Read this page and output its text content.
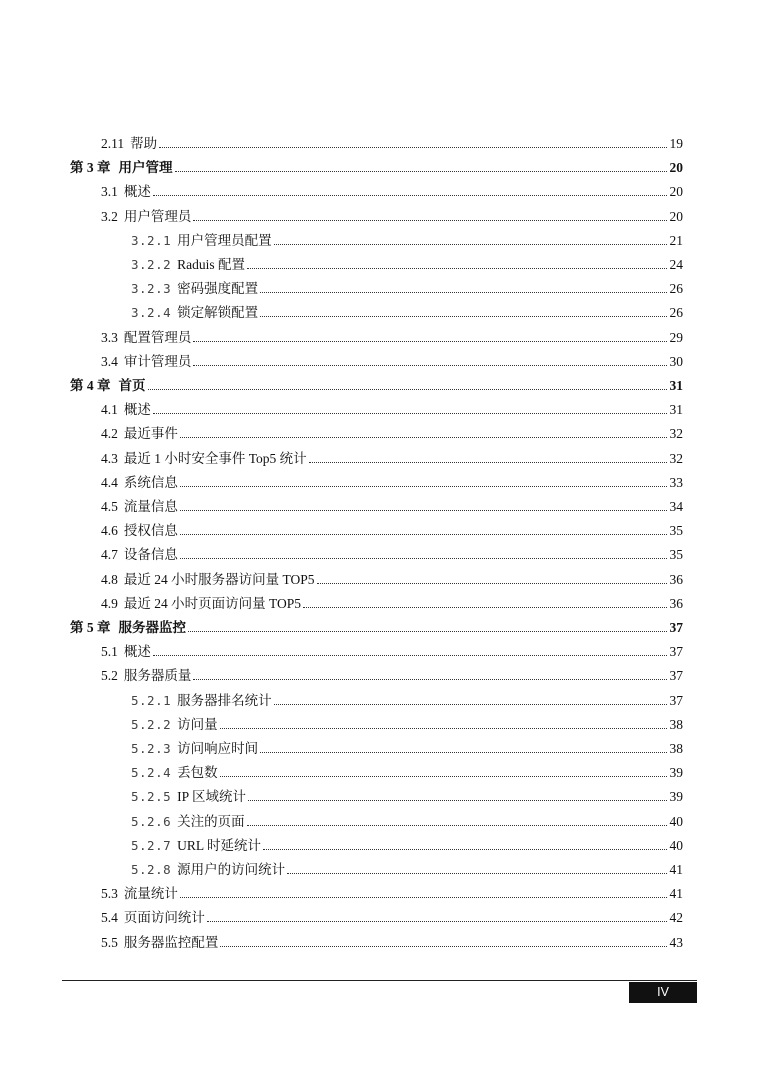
2.11 帮助	19
第 3 章 用户管理	20
3.1 概述	20
3.2 用户管理员	20
3.2.1 用户管理员配置	21
3.2.2 Raduis 配置	24
3.2.3 密码强度配置	26
3.2.4 锁定解锁配置	26
3.3 配置管理员	29
3.4 审计管理员	30
第 4 章 首页	31
4.1 概述	31
4.2 最近事件	32
4.3 最近 1 小时安全事件 Top5 统计	32
4.4 系统信息	33
4.5 流量信息	34
4.6 授权信息	35
4.7 设备信息	35
4.8 最近 24 小时服务器访问量 TOP5	36
4.9 最近 24 小时页面访问量 TOP5	36
第 5 章 服务器监控	37
5.1 概述	37
5.2 服务器质量	37
5.2.1 服务器排名统计	37
5.2.2 访问量	38
5.2.3 访问响应时间	38
5.2.4 丢包数	39
5.2.5 IP 区域统计	39
5.2.6 关注的页面	40
5.2.7 URL 时延统计	40
5.2.8 源用户的访问统计	41
5.3 流量统计	41
5.4 页面访问统计	42
5.5 服务器监控配置	43
IV
